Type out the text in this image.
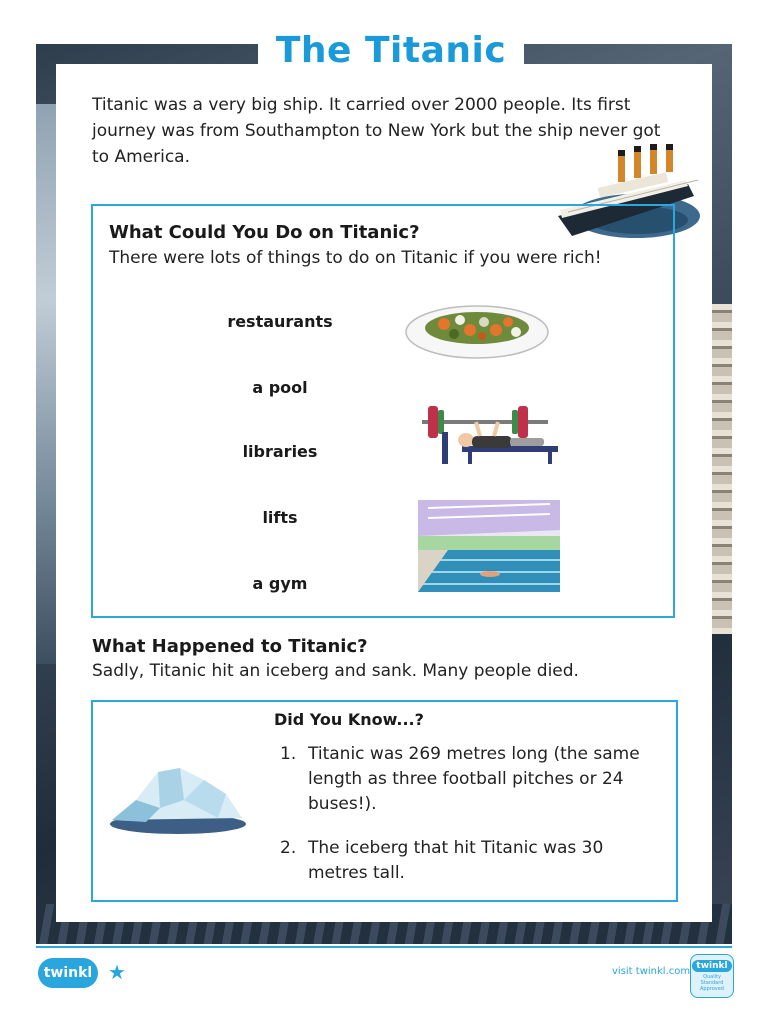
The Titanic
Titanic was a very big ship. It carried over 2000 people. Its first journey was from Southampton to New York but the ship never got to America.
What Could You Do on Titanic?
There were lots of things to do on Titanic if you were rich!
restaurants
a pool
libraries
lifts
a gym
What Happened to Titanic?
Sadly, Titanic hit an iceberg and sank. Many people died.
Did You Know...?
1. Titanic was 269 metres long (the same length as three football pitches or 24 buses!).
2. The iceberg that hit Titanic was 30 metres tall.
twinkl ★	visit twinkl.com twinkl
Quality Standard Approved
